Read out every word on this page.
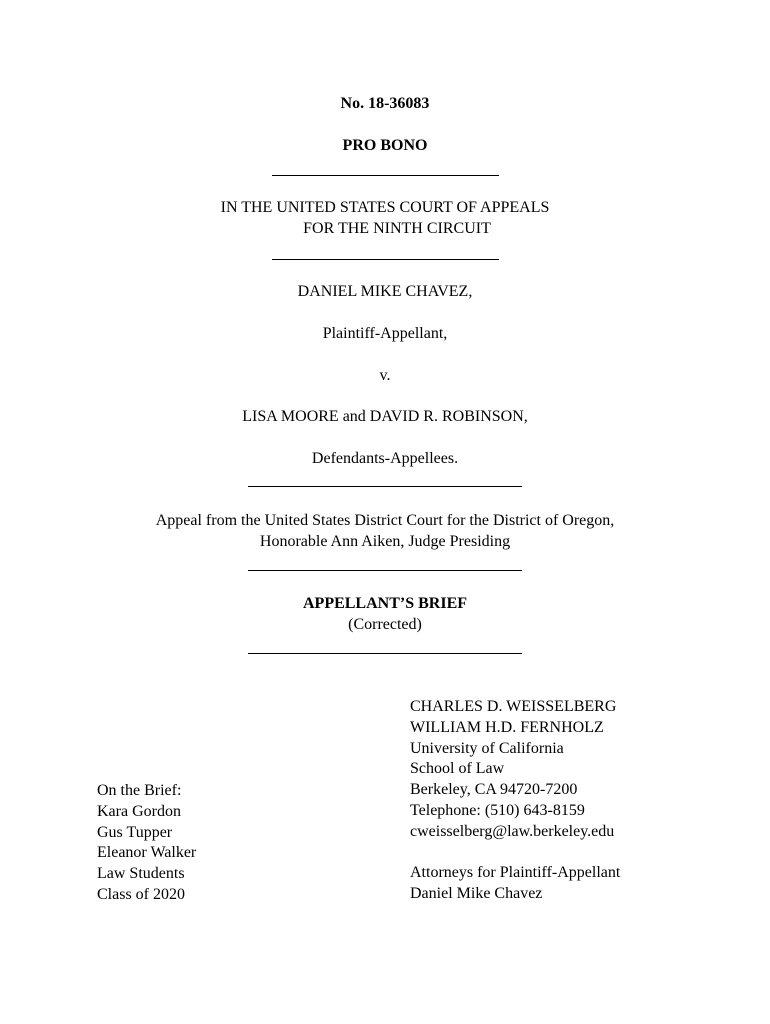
No. 18-36083
PRO BONO
IN THE UNITED STATES COURT OF APPEALS
FOR THE NINTH CIRCUIT
DANIEL MIKE CHAVEZ,
Plaintiff-Appellant,
v.
LISA MOORE and DAVID R. ROBINSON,
Defendants-Appellees.
Appeal from the United States District Court for the District of Oregon,
Honorable Ann Aiken, Judge Presiding
APPELLANT’S BRIEF
(Corrected)
CHARLES D. WEISSELBERG
WILLIAM H.D. FERNHOLZ
University of California
School of Law
Berkeley, CA 94720-7200
Telephone: (510) 643-8159
cweisselberg@law.berkeley.edu
Attorneys for Plaintiff-Appellant
Daniel Mike Chavez
On the Brief:
Kara Gordon
Gus Tupper
Eleanor Walker
Law Students
Class of 2020
